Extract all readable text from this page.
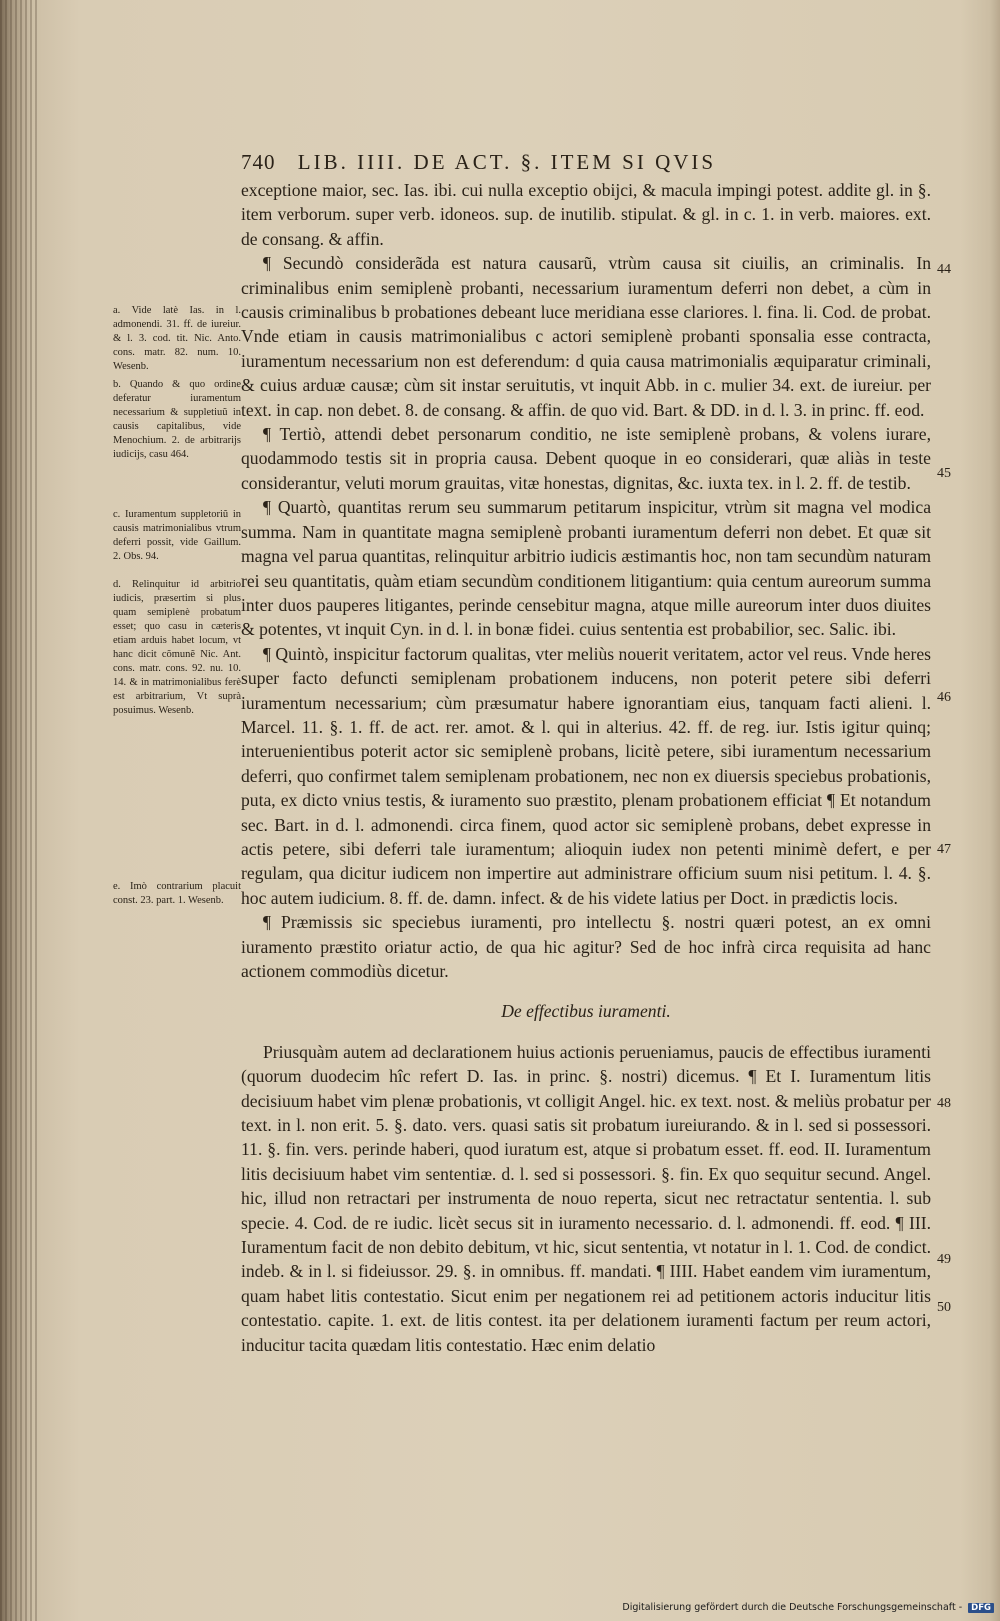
740 LIB. IIII. DE ACT. §. ITEM SI QVIS

exceptione maior, sec. Ias. ibi. cui nulla exceptio obijci, & macula impingi potest. addite gl. in §. item verborum. super verb. idoneos. sup. de inutilib. stipulat. & gl. in c. 1. in verb. maiores. ext. de consang. & affin.

¶ Secundò considerãda est natura causarũ, vtrùm causa sit ciuilis, an criminalis. In criminalibus enim semiplenè probanti, necessarium iuramentum deferri non debet, a cùm in causis criminalibus b probationes debeant luce meridiana esse clariores. l. fina. li. Cod. de probat. Vnde etiam in causis matrimonialibus c actori semiplenè probanti sponsalia esse contracta, iuramentum necessarium non est deferendum: d quia causa matrimonialis æquiparatur criminali, & cuius arduæ causæ; cùm sit instar seruitutis, vt inquit Abb. in c. mulier 34. ext. de iureiur. per text. in cap. non debet. 8. de consang. & affin. de quo vid. Bart. & DD. in d. l. 3. in princ. ff. eod.

¶ Tertiò, attendi debet personarum conditio, ne iste semiplenè probans, & volens iurare, quodammodo testis sit in propria causa. Debent quoque in eo considerari, quæ aliàs in teste considerantur, veluti morum grauitas, vitæ honestas, dignitas, &c. iuxta tex. in l. 2. ff. de testib.

¶ Quartò, quantitas rerum seu summarum petitarum inspicitur, vtrùm sit magna vel modica summa. Nam in quantitate magna semiplenè probanti iuramentum deferri non debet. Et quæ sit magna vel parua quantitas, relinquitur arbitrio iudicis æstimantis hoc, non tam secundùm naturam rei seu quantitatis, quàm etiam secundùm conditionem litigantium: quia centum aureorum summa inter duos pauperes litigantes, perinde censebitur magna, atque mille aureorum inter duos diuites & potentes, vt inquit Cyn. in d. l. in bonæ fidei. cuius sententia est probabilior, sec. Salic. ibi.

¶ Quintò, inspicitur factorum qualitas, vter meliùs nouerit veritatem, actor vel reus. Vnde heres super facto defuncti semiplenam probationem inducens, non poterit petere sibi deferri iuramentum necessarium; cùm præsumatur habere ignorantiam eius, tanquam facti alieni. l. Marcel. 11. §. 1. ff. de act. rer. amot. & l. qui in alterius. 42. ff. de reg. iur. Istis igitur quinq; interuenientibus poterit actor sic semiplenè probans, licitè petere, sibi iuramentum necessarium deferri, quo confirmet talem semiplenam probationem, nec non ex diuersis speciebus probationis, puta, ex dicto vnius testis, & iuramento suo præstito, plenam probationem efficiat ¶ Et notandum sec. Bart. in d. l. admonendi. circa finem, quod actor sic semiplenè probans, debet expresse in actis petere, sibi deferri tale iuramentum; alioquin iudex non petenti minimè defert, e per regulam, qua dicitur iudicem non impertire aut administrare officium suum nisi petitum. l. 4. §. hoc autem iudicium. 8. ff. de. damn. infect. & de his videte latius per Doct. in prædictis locis.

¶ Præmissis sic speciebus iuramenti, pro intellectu §. nostri quæri potest, an ex omni iuramento præstito oriatur actio, de qua hic agitur? Sed de hoc infrà circa requisita ad hanc actionem commodiùs dicetur.

De effectibus iuramenti.

Priusquàm autem ad declarationem huius actionis perueniamus, paucis de effectibus iuramenti (quorum duodecim hîc refert D. Ias. in princ. §. nostri) dicemus. ¶ Et I. Iuramentum litis decisiuum habet vim plenæ probationis, vt colligit Angel. hic. ex text. nost. & meliùs probatur per text. in l. non erit. 5. §. dato. vers. quasi satis sit probatum iureiurando. & in l. sed si possessori. 11. §. fin. vers. perinde haberi, quod iuratum est, atque si probatum esset. ff. eod. II. Iuramentum litis decisiuum habet vim sententiæ. d. l. sed si possessori. §. fin. Ex quo sequitur secund. Angel. hic, illud non retractari per instrumenta de nouo reperta, sicut nec retractatur sententia. l. sub specie. 4. Cod. de re iudic. licèt secus sit in iuramento necessario. d. l. admonendi. ff. eod. ¶ III. Iuramentum facit de non debito debitum, vt hic, sicut sententia, vt notatur in l. 1. Cod. de condict. indeb. & in l. si fideiussor. 29. §. in omnibus. ff. mandati. ¶ IIII. Habet eandem vim iuramentum, quam habet litis contestatio. Sicut enim per negationem rei ad petitionem actoris inducitur litis contestatio. capite. 1. ext. de litis contest. ita per delationem iuramenti factum per reum actori, inducitur tacita quædam litis contestatio. Hæc enim delatio

a. Vide latè Ias. in l. admonendi. 31. ff. de iureiur. & l. 3. cod. tit. Nic. Anto. cons. matr. 82. num. 10. Wesenb.
b. Quando & quo ordine deferatur iuramentum necessarium & suppletiuũ in causis capitalibus, vide Menochium. 2. de arbitrarijs iudicijs, casu 464.
c. Iuramentum suppletoriũ in causis matrimonialibus vtrum deferri possit, vide Gaillum. 2. Obs. 94.
d. Relinquitur id arbitrio iudicis, præsertim si plus quam semiplenè probatum esset; quo casu in cæteris etiam arduis habet locum, vt hanc dicit cõmunẽ Nic. Ant. cons. matr. cons. 92. nu. 10. 14. & in matrimonialibus ferè est arbitrarium, Vt suprà posuimus. Wesenb.
e. Imò contrarium placuit const. 23. part. 1. Wesenb.
44
45
46
47
48
49
50
Digitalisierung gefördert durch die Deutsche Forschungsgemeinschaft - DFG
